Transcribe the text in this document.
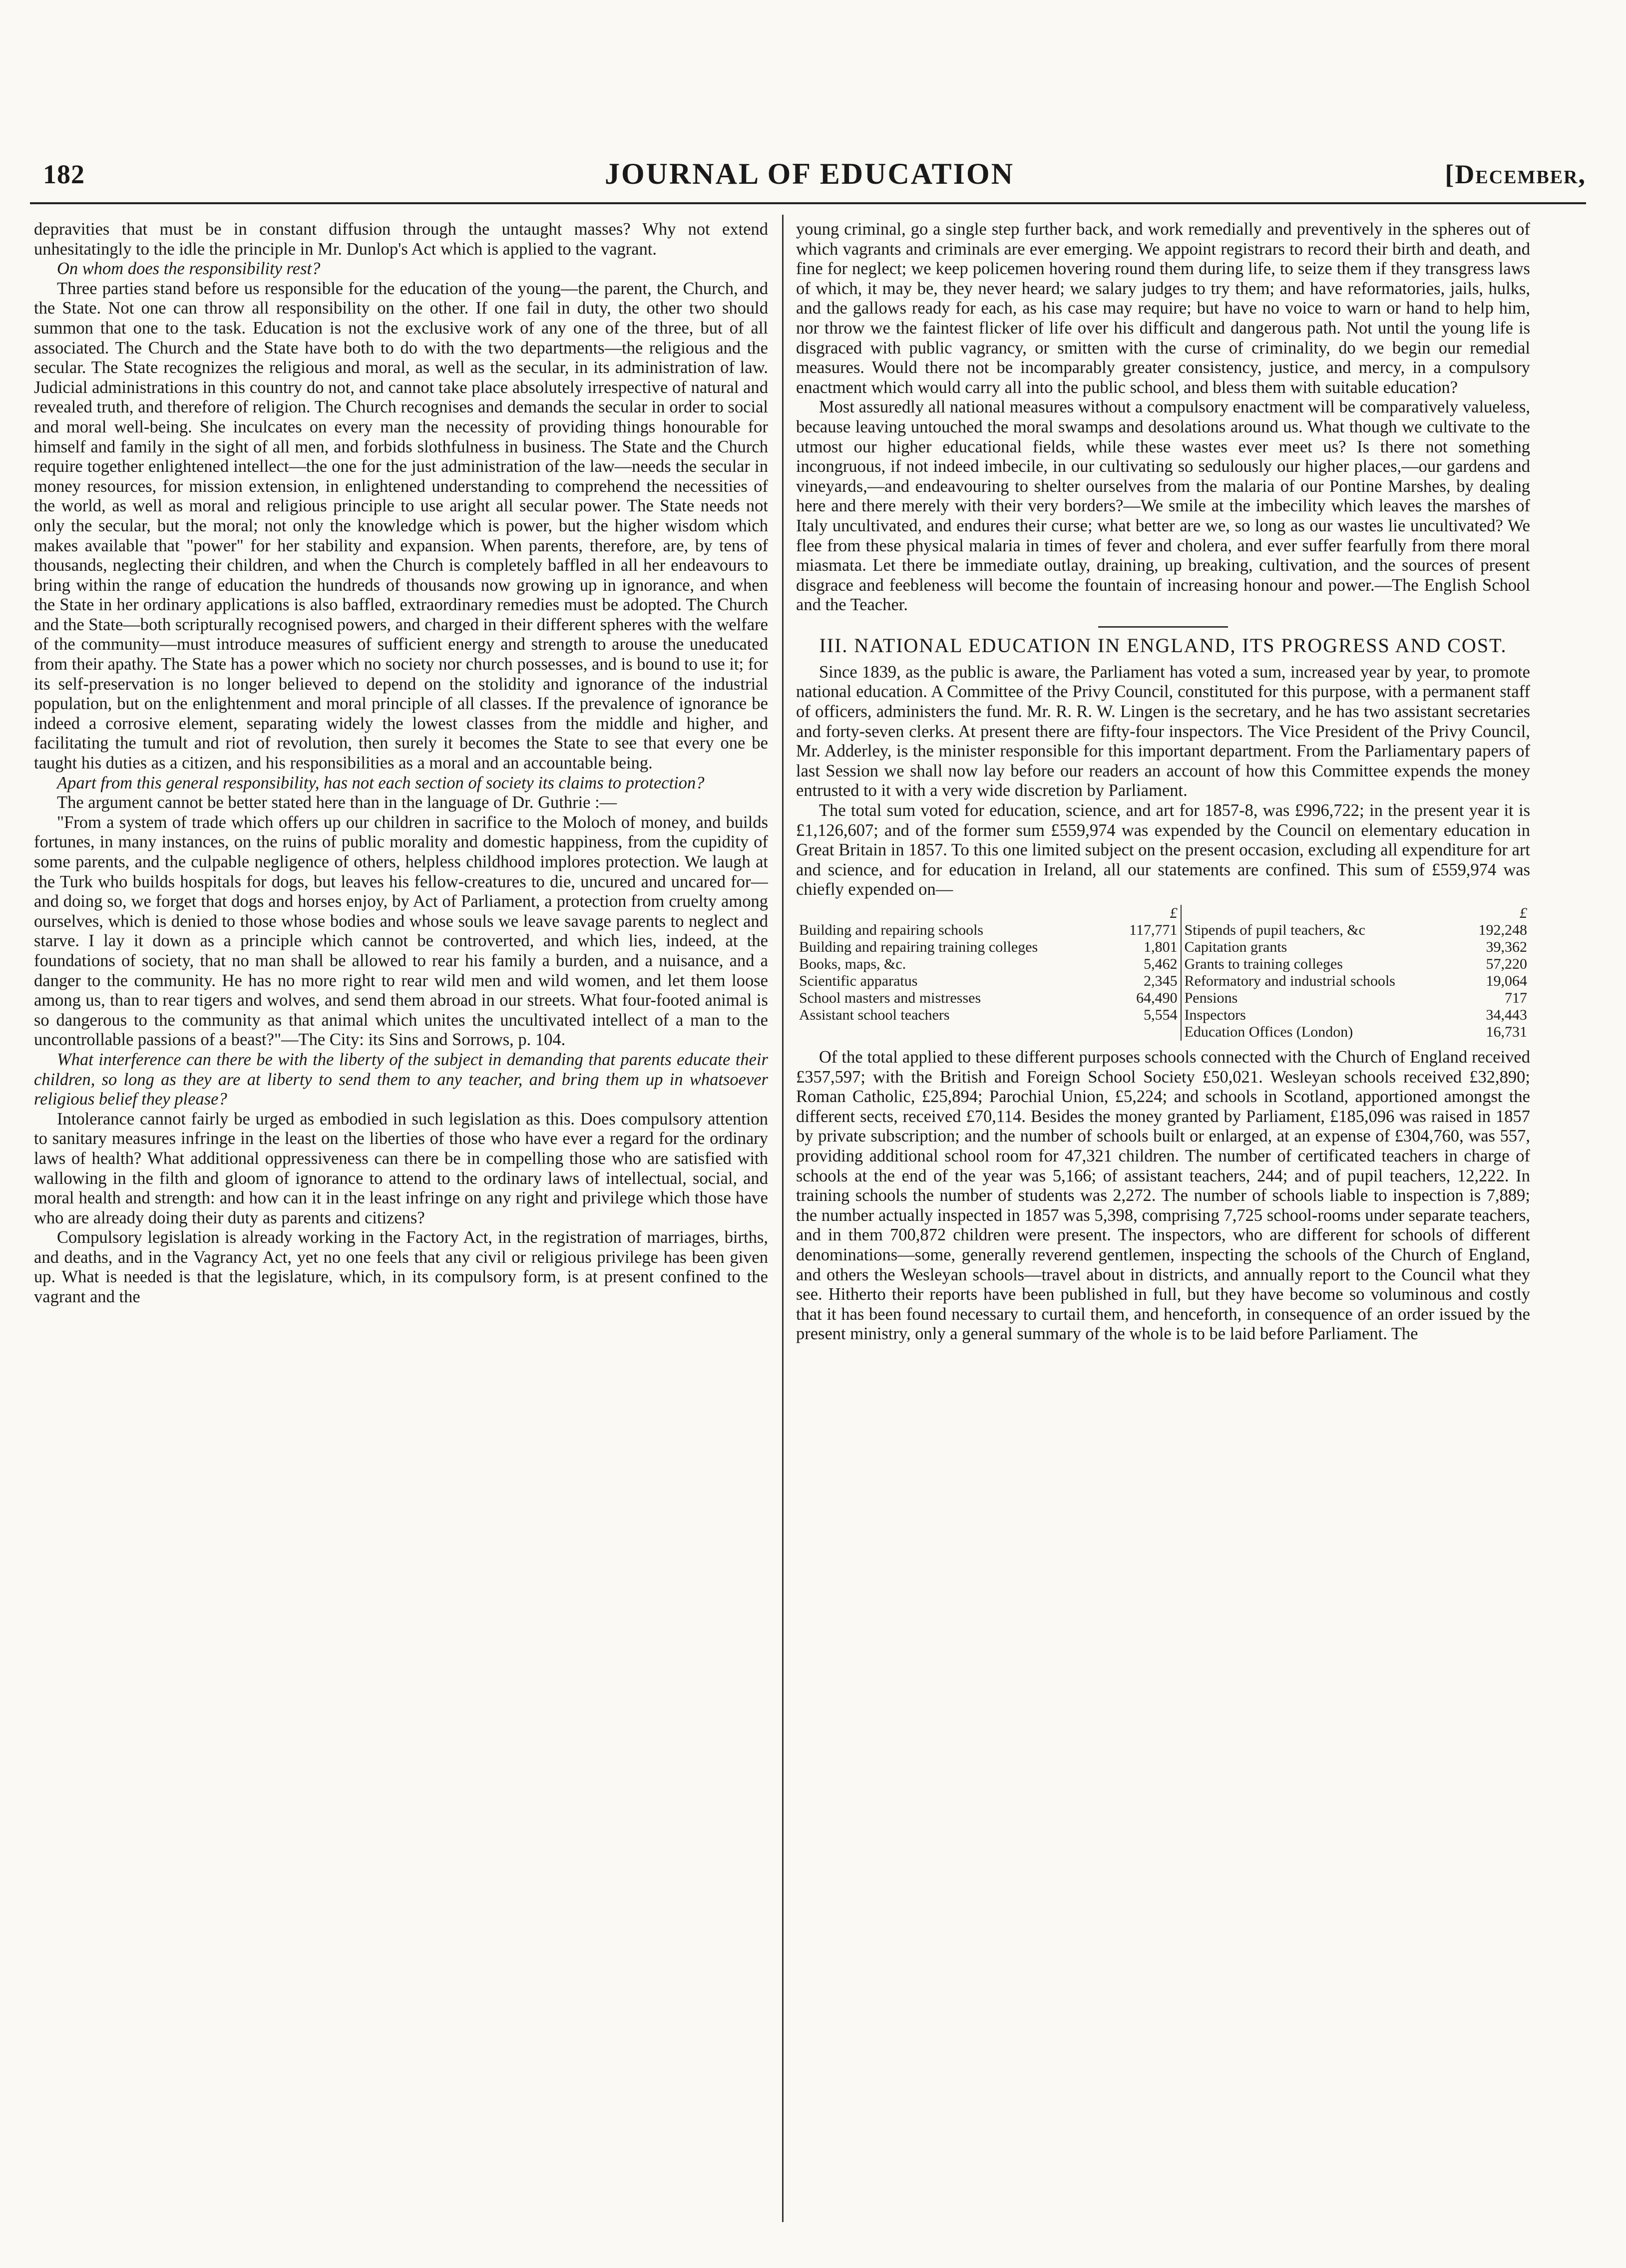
182	JOURNAL OF EDUCATION	[December,

depravities that must be in constant diffusion through the untaught masses? Why not extend unhesitatingly to the idle the principle in Mr. Dunlop's Act which is applied to the vagrant.

On whom does the responsibility rest?

Three parties stand before us responsible for the education of the young—the parent, the Church, and the State. Not one can throw all responsibility on the other. If one fail in duty, the other two should summon that one to the task. Education is not the exclusive work of any one of the three, but of all associated. The Church and the State have both to do with the two departments—the religious and the secular. The State recognizes the religious and moral, as well as the secular, in its administration of law. Judicial administrations in this country do not, and cannot take place absolutely irrespective of natural and revealed truth, and therefore of religion. The Church recognises and demands the secular in order to social and moral well-being. She inculcates on every man the necessity of providing things honourable for himself and family in the sight of all men, and forbids slothfulness in business. The State and the Church require together enlightened intellect—the one for the just administration of the law—needs the secular in money resources, for mission extension, in enlightened understanding to comprehend the necessities of the world, as well as moral and religious principle to use aright all secular power. The State needs not only the secular, but the moral; not only the knowledge which is power, but the higher wisdom which makes available that "power" for her stability and expansion. When parents, therefore, are, by tens of thousands, neglecting their children, and when the Church is completely baffled in all her endeavours to bring within the range of education the hundreds of thousands now growing up in ignorance, and when the State in her ordinary applications is also baffled, extraordinary remedies must be adopted. The Church and the State—both scripturally recognised powers, and charged in their different spheres with the welfare of the community—must introduce measures of sufficient energy and strength to arouse the uneducated from their apathy. The State has a power which no society nor church possesses, and is bound to use it; for its self-preservation is no longer believed to depend on the stolidity and ignorance of the industrial population, but on the enlightenment and moral principle of all classes. If the prevalence of ignorance be indeed a corrosive element, separating widely the lowest classes from the middle and higher, and facilitating the tumult and riot of revolution, then surely it becomes the State to see that every one be taught his duties as a citizen, and his responsibilities as a moral and an accountable being.

Apart from this general responsibility, has not each section of society its claims to protection?

The argument cannot be better stated here than in the language of Dr. Guthrie :—

"From a system of trade which offers up our children in sacrifice to the Moloch of money, and builds fortunes, in many instances, on the ruins of public morality and domestic happiness, from the cupidity of some parents, and the culpable negligence of others, helpless childhood implores protection. We laugh at the Turk who builds hospitals for dogs, but leaves his fellow-creatures to die, uncured and uncared for—and doing so, we forget that dogs and horses enjoy, by Act of Parliament, a protection from cruelty among ourselves, which is denied to those whose bodies and whose souls we leave savage parents to neglect and starve. I lay it down as a principle which cannot be controverted, and which lies, indeed, at the foundations of society, that no man shall be allowed to rear his family a burden, and a nuisance, and a danger to the community. He has no more right to rear wild men and wild women, and let them loose among us, than to rear tigers and wolves, and send them abroad in our streets. What four-footed animal is so dangerous to the community as that animal which unites the uncultivated intellect of a man to the uncontrollable passions of a beast?"—The City: its Sins and Sorrows, p. 104.

What interference can there be with the liberty of the subject in demanding that parents educate their children, so long as they are at liberty to send them to any teacher, and bring them up in whatsoever religious belief they please?

Intolerance cannot fairly be urged as embodied in such legislation as this. Does compulsory attention to sanitary measures infringe in the least on the liberties of those who have ever a regard for the ordinary laws of health? What additional oppressiveness can there be in compelling those who are satisfied with wallowing in the filth and gloom of ignorance to attend to the ordinary laws of intellectual, social, and moral health and strength: and how can it in the least infringe on any right and privilege which those have who are already doing their duty as parents and citizens?

Compulsory legislation is already working in the Factory Act, in the registration of marriages, births, and deaths, and in the Vagrancy Act, yet no one feels that any civil or religious privilege has been given up. What is needed is that the legislature, which, in its compulsory form, is at present confined to the vagrant and the

young criminal, go a single step further back, and work remedially and preventively in the spheres out of which vagrants and criminals are ever emerging. We appoint registrars to record their birth and death, and fine for neglect; we keep policemen hovering round them during life, to seize them if they transgress laws of which, it may be, they never heard; we salary judges to try them; and have reformatories, jails, hulks, and the gallows ready for each, as his case may require; but have no voice to warn or hand to help him, nor throw we the faintest flicker of life over his difficult and dangerous path. Not until the young life is disgraced with public vagrancy, or smitten with the curse of criminality, do we begin our remedial measures. Would there not be incomparably greater consistency, justice, and mercy, in a compulsory enactment which would carry all into the public school, and bless them with suitable education?

Most assuredly all national measures without a compulsory enactment will be comparatively valueless, because leaving untouched the moral swamps and desolations around us. What though we cultivate to the utmost our higher educational fields, while these wastes ever meet us? Is there not something incongruous, if not indeed imbecile, in our cultivating so sedulously our higher places,—our gardens and vineyards,—and endeavouring to shelter ourselves from the malaria of our Pontine Marshes, by dealing here and there merely with their very borders?—We smile at the imbecility which leaves the marshes of Italy uncultivated, and endures their curse; what better are we, so long as our wastes lie uncultivated? We flee from these physical malaria in times of fever and cholera, and ever suffer fearfully from there moral miasmata. Let there be immediate outlay, draining, up breaking, cultivation, and the sources of present disgrace and feebleness will become the fountain of increasing honour and power.—The English School and the Teacher.

III. NATIONAL EDUCATION IN ENGLAND, ITS PROGRESS AND COST.

Since 1839, as the public is aware, the Parliament has voted a sum, increased year by year, to promote national education. A Committee of the Privy Council, constituted for this purpose, with a permanent staff of officers, administers the fund. Mr. R. R. W. Lingen is the secretary, and he has two assistant secretaries and forty-seven clerks. At present there are fifty-four inspectors. The Vice President of the Privy Council, Mr. Adderley, is the minister responsible for this important department. From the Parliamentary papers of last Session we shall now lay before our readers an account of how this Committee expends the money entrusted to it with a very wide discretion by Parliament.

The total sum voted for education, science, and art for 1857-8, was £996,722; in the present year it is £1,126,607; and of the former sum £559,974 was expended by the Council on elementary education in Great Britain in 1857. To this one limited subject on the present occasion, excluding all expenditure for art and science, and for education in Ireland, all our statements are confined. This sum of £559,974 was chiefly expended on—

	£		£
Building and repairing schools	117,771	Stipends of pupil teachers, &c	192,248
Building and repairing training colleges	1,801	Capitation grants	39,362
Books, maps, &c.	5,462	Grants to training colleges	57,220
Scientific apparatus	2,345	Reformatory and industrial schools	19,064
School masters and mistresses	64,490	Pensions	717
Assistant school teachers	5,554	Inspectors	34,443
		Education Offices (London)	16,731

Of the total applied to these different purposes schools connected with the Church of England received £357,597; with the British and Foreign School Society £50,021. Wesleyan schools received £32,890; Roman Catholic, £25,894; Parochial Union, £5,224; and schools in Scotland, apportioned amongst the different sects, received £70,114. Besides the money granted by Parliament, £185,096 was raised in 1857 by private subscription; and the number of schools built or enlarged, at an expense of £304,760, was 557, providing additional school room for 47,321 children. The number of certificated teachers in charge of schools at the end of the year was 5,166; of assistant teachers, 244; and of pupil teachers, 12,222. In training schools the number of students was 2,272. The number of schools liable to inspection is 7,889; the number actually inspected in 1857 was 5,398, comprising 7,725 school-rooms under separate teachers, and in them 700,872 children were present. The inspectors, who are different for schools of different denominations—some, generally reverend gentlemen, inspecting the schools of the Church of England, and others the Wesleyan schools—travel about in districts, and annually report to the Council what they see. Hitherto their reports have been published in full, but they have become so voluminous and costly that it has been found necessary to curtail them, and henceforth, in consequence of an order issued by the present ministry, only a general summary of the whole is to be laid before Parliament. The
